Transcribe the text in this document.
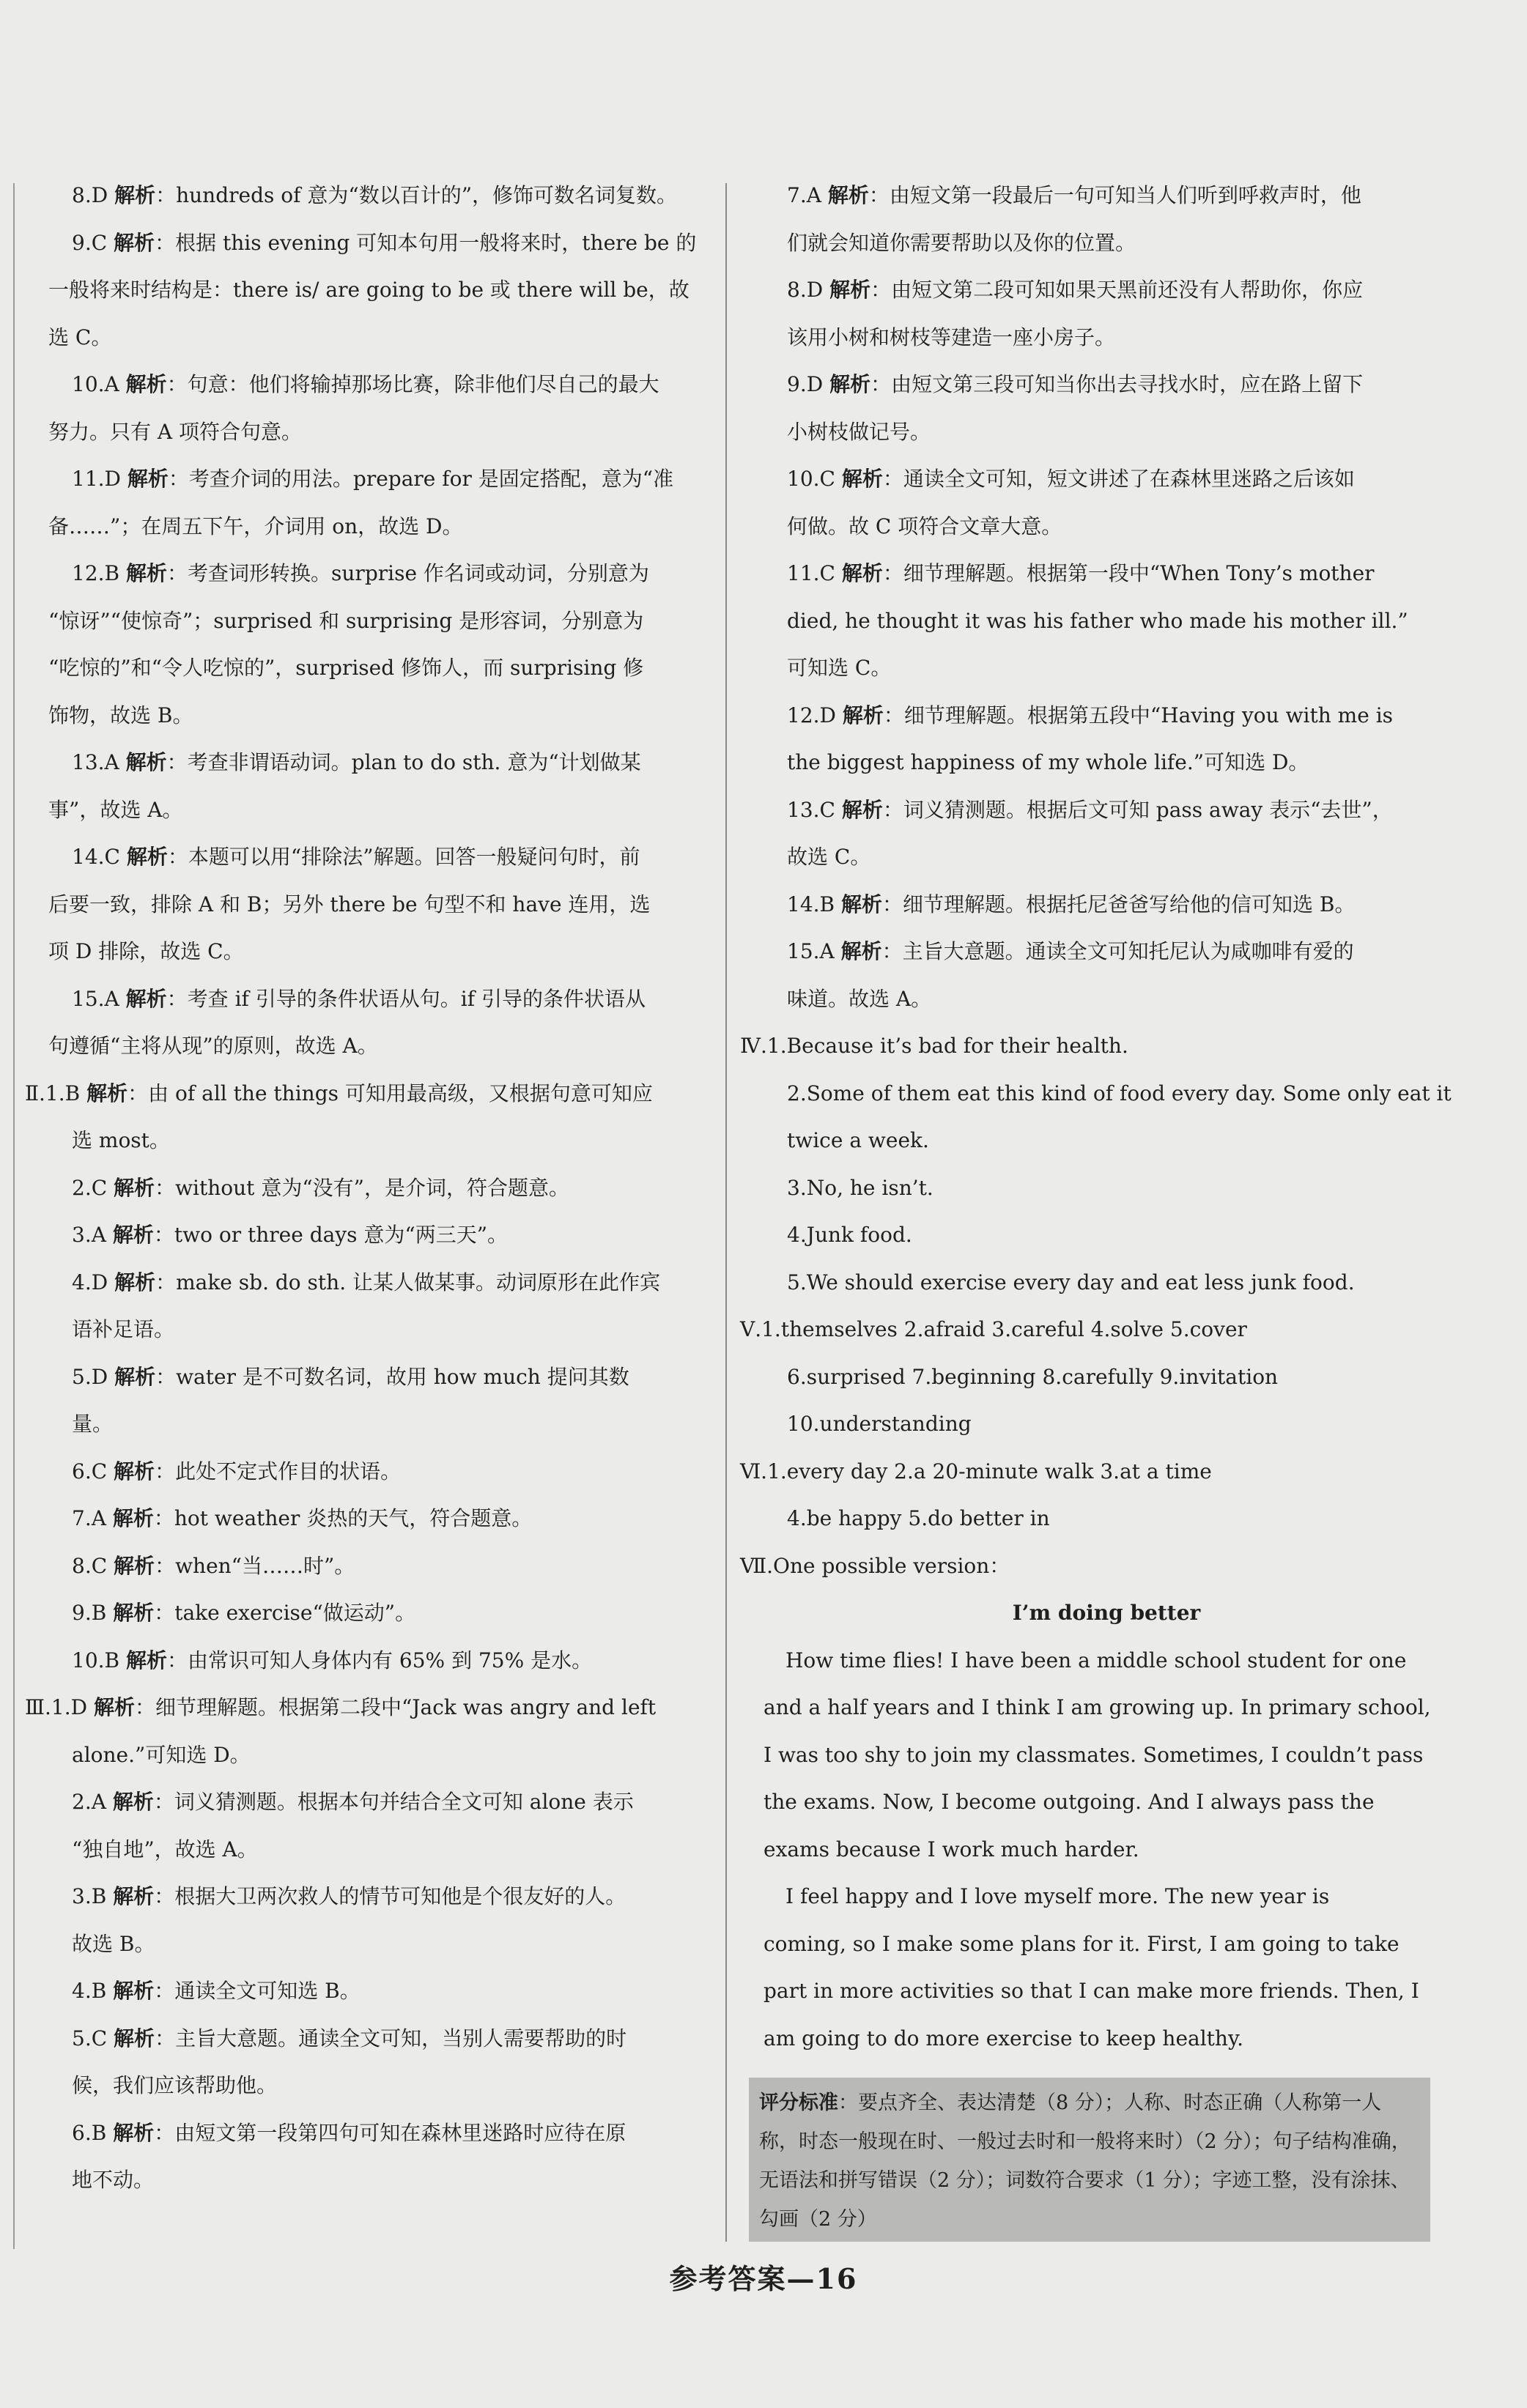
8.D 解析：hundreds of 意为“数以百计的”，修饰可数名词复数。
9.C 解析：根据 this evening 可知本句用一般将来时，there be 的
一般将来时结构是：there is/ are going to be 或 there will be，故
选 C。
10.A 解析：句意：他们将输掉那场比赛，除非他们尽自己的最大
努力。只有 A 项符合句意。
11.D 解析：考查介词的用法。prepare for 是固定搭配，意为“准
备……”；在周五下午，介词用 on，故选 D。
12.B 解析：考查词形转换。surprise 作名词或动词，分别意为
“惊讶”“使惊奇”；surprised 和 surprising 是形容词，分别意为
“吃惊的”和“令人吃惊的”，surprised 修饰人，而 surprising 修
饰物，故选 B。
13.A 解析：考查非谓语动词。plan to do sth. 意为“计划做某
事”，故选 A。
14.C 解析：本题可以用“排除法”解题。回答一般疑问句时，前
后要一致，排除 A 和 B；另外 there be 句型不和 have 连用，选
项 D 排除，故选 C。
15.A 解析：考查 if 引导的条件状语从句。if 引导的条件状语从
句遵循“主将从现”的原则，故选 A。
Ⅱ.1.B 解析：由 of all the things 可知用最高级，又根据句意可知应
选 most。
2.C 解析：without 意为“没有”，是介词，符合题意。
3.A 解析：two or three days 意为“两三天”。
4.D 解析：make sb. do sth. 让某人做某事。动词原形在此作宾
语补足语。
5.D 解析：water 是不可数名词，故用 how much 提问其数
量。
6.C 解析：此处不定式作目的状语。
7.A 解析：hot weather 炎热的天气，符合题意。
8.C 解析：when“当……时”。
9.B 解析：take exercise“做运动”。
10.B 解析：由常识可知人身体内有 65% 到 75% 是水。
Ⅲ.1.D 解析：细节理解题。根据第二段中“Jack was angry and left
alone.”可知选 D。
2.A 解析：词义猜测题。根据本句并结合全文可知 alone 表示
“独自地”，故选 A。
3.B 解析：根据大卫两次救人的情节可知他是个很友好的人。
故选 B。
4.B 解析：通读全文可知选 B。
5.C 解析：主旨大意题。通读全文可知，当别人需要帮助的时
候，我们应该帮助他。
6.B 解析：由短文第一段第四句可知在森林里迷路时应待在原
地不动。
7.A 解析：由短文第一段最后一句可知当人们听到呼救声时，他
们就会知道你需要帮助以及你的位置。
8.D 解析：由短文第二段可知如果天黑前还没有人帮助你，你应
该用小树和树枝等建造一座小房子。
9.D 解析：由短文第三段可知当你出去寻找水时，应在路上留下
小树枝做记号。
10.C 解析：通读全文可知，短文讲述了在森林里迷路之后该如
何做。故 C 项符合文章大意。
11.C 解析：细节理解题。根据第一段中“When Tony’s mother
died, he thought it was his father who made his mother ill.”
可知选 C。
12.D 解析：细节理解题。根据第五段中“Having you with me is
the biggest happiness of my whole life.”可知选 D。
13.C 解析：词义猜测题。根据后文可知 pass away 表示“去世”，
故选 C。
14.B 解析：细节理解题。根据托尼爸爸写给他的信可知选 B。
15.A 解析：主旨大意题。通读全文可知托尼认为咸咖啡有爱的
味道。故选 A。
Ⅳ.1.Because it’s bad for their health.
2.Some of them eat this kind of food every day. Some only eat it
twice a week.
3.No, he isn’t.
4.Junk food.
5.We should exercise every day and eat less junk food.
Ⅴ.1.themselves 2.afraid 3.careful 4.solve 5.cover
6.surprised 7.beginning 8.carefully 9.invitation
10.understanding
Ⅵ.1.every day 2.a 20-minute walk 3.at a time
4.be happy 5.do better in
Ⅶ.One possible version：
I’m doing better
How time flies! I have been a middle school student for one
and a half years and I think I am growing up. In primary school,
I was too shy to join my classmates. Sometimes, I couldn’t pass
the exams. Now, I become outgoing. And I always pass the
exams because I work much harder.
I feel happy and I love myself more. The new year is
coming, so I make some plans for it. First, I am going to take
part in more activities so that I can make more friends. Then, I
am going to do more exercise to keep healthy.
评分标准：要点齐全、表达清楚（8 分）；人称、时态正确（人称第一人称，时态一般现在时、一般过去时和一般将来时）（2 分）；句子结构准确，无语法和拼写错误（2 分）；词数符合要求（1 分）；字迹工整，没有涂抹、勾画（2 分）
参考答案—16
